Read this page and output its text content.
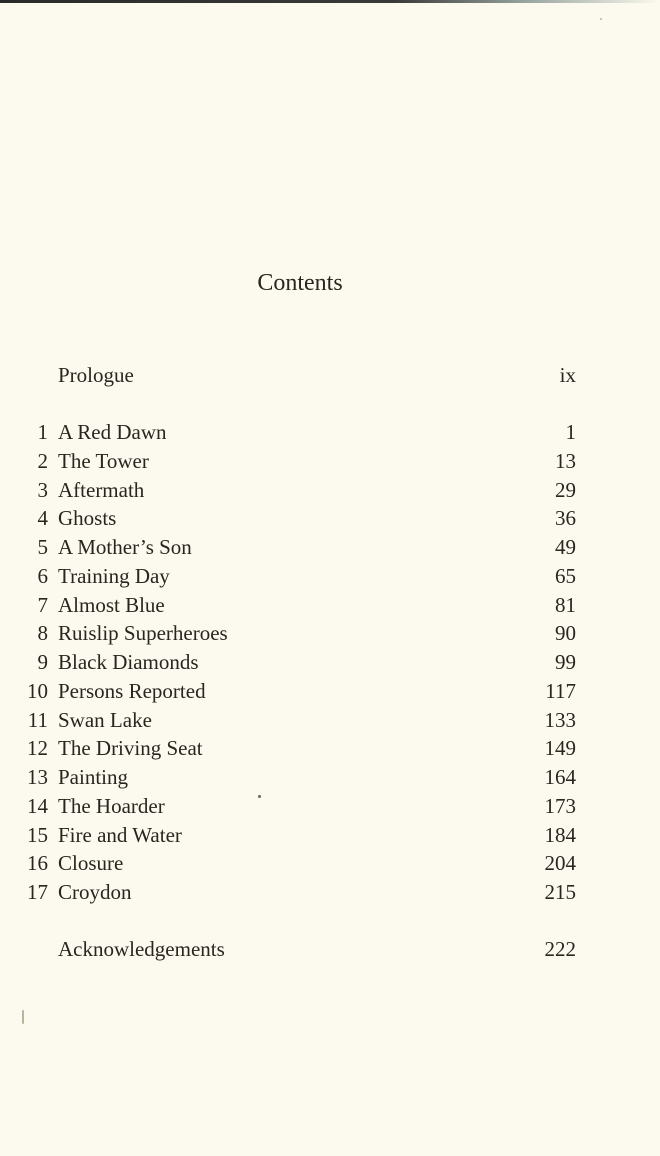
Contents
Prologue	ix
1 A Red Dawn	1
2 The Tower	13
3 Aftermath	29
4 Ghosts	36
5 A Mother’s Son	49
6 Training Day	65
7 Almost Blue	81
8 Ruislip Superheroes	90
9 Black Diamonds	99
10 Persons Reported	117
11 Swan Lake	133
12 The Driving Seat	149
13 Painting	164
14 The Hoarder	173
15 Fire and Water	184
16 Closure	204
17 Croydon	215
Acknowledgements	222
